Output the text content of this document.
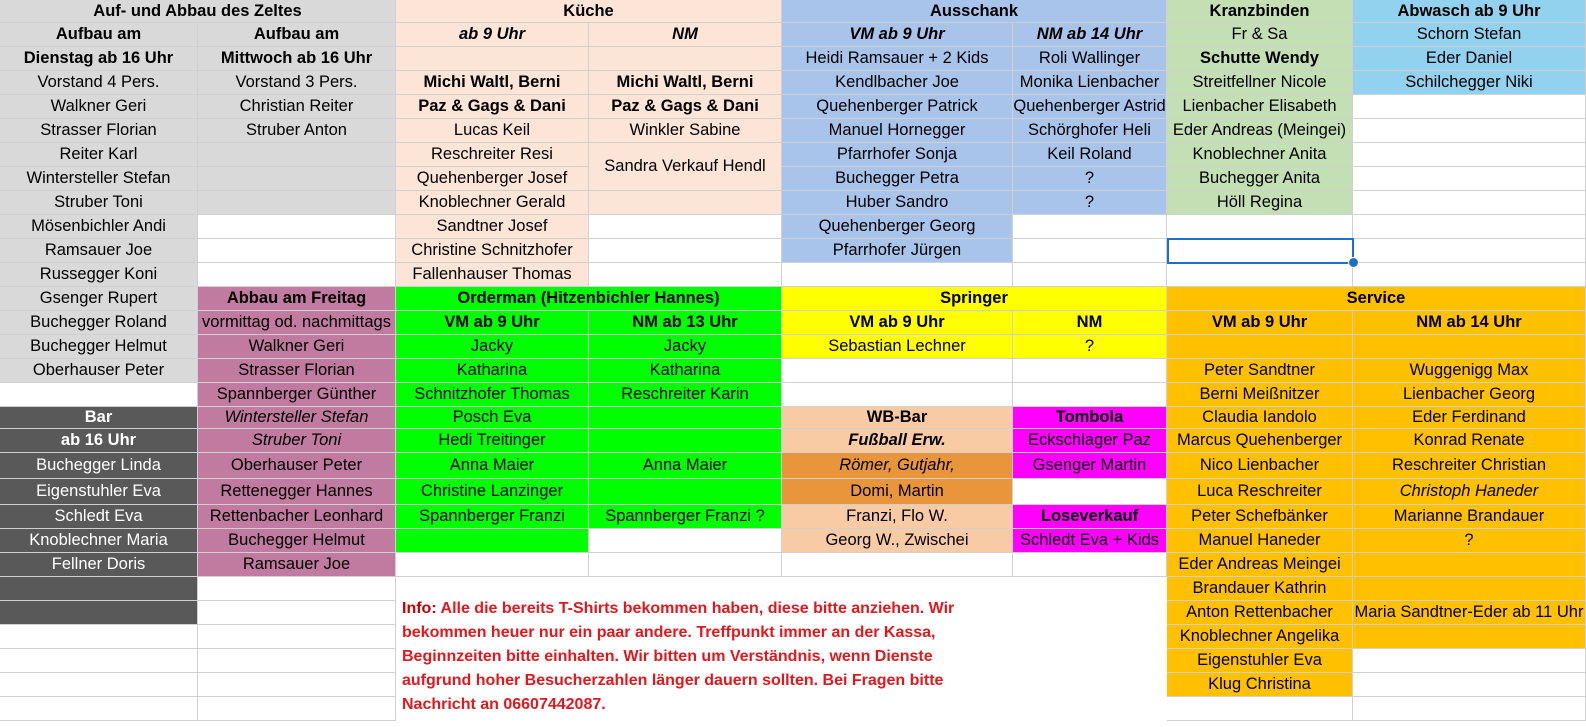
Auf- und Abbau des Zeltes
Aufbau am	Aufbau am
Dienstag ab 16 Uhr	Mittwoch ab 16 Uhr
Vorstand 4 Pers.	Vorstand 3 Pers.
Walkner Geri	Christian Reiter
Strasser Florian	Struber Anton
Reiter Karl
Wintersteller Stefan
Struber Toni
Mösenbichler Andi
Ramsauer Joe
Russegger Koni
Gsenger Rupert
Buchegger Roland
Buchegger Helmut
Oberhauser Peter
Bar
ab 16 Uhr
Buchegger Linda
Eigenstuhler Eva
Schledt Eva
Knoblechner Maria
Fellner Doris
Abbau am Freitag
vormittag od. nachmittags
Walkner Geri
Strasser Florian
Spannberger Günther
Wintersteller Stefan
Struber Toni
Oberhauser Peter
Rettenegger Hannes
Rettenbacher Leonhard
Buchegger Helmut
Ramsauer Joe
Küche
ab 9 Uhr	NM
Michi Waltl, Berni	Michi Waltl, Berni
Paz & Gags & Dani	Paz & Gags & Dani
Lucas Keil	Winkler Sabine
Reschreiter Resi
Sandra Verkauf Hendl
Quehenberger Josef
Knoblechner Gerald
Sandtner Josef
Christine Schnitzhofer
Fallenhauser Thomas
Ausschank
VM ab 9 Uhr	NM ab 14 Uhr
Heidi Ramsauer + 2 Kids	Roli Wallinger
Kendlbacher Joe	Monika Lienbacher
Quehenberger Patrick	Quehenberger Astrid
Manuel Hornegger	Schörghofer Heli
Pfarrhofer Sonja	Keil Roland
Buchegger Petra	?
Huber Sandro	?
Quehenberger Georg
Pfarrhofer Jürgen
Kranzbinden
Fr & Sa
Schutte Wendy
Streitfellner Nicole
Lienbacher Elisabeth
Eder Andreas (Meingei)
Knoblechner Anita
Buchegger Anita
Höll Regina
Abwasch ab 9 Uhr
Schorn Stefan
Eder Daniel
Schilchegger Niki
Orderman (Hitzenbichler Hannes)
VM ab 9 Uhr	NM ab 13 Uhr
Jacky	Jacky
Katharina	Katharina
Schnitzhofer Thomas	Reschreiter Karin
Posch Eva
Hedi Treitinger
Anna Maier	Anna Maier
Christine Lanzinger
Spannberger Franzi	Spannberger Franzi ?
Springer
VM ab 9 Uhr	NM
Sebastian Lechner	?
WB-Bar
Fußball Erw.
Römer, Gutjahr,
Domi, Martin
Franzi, Flo W.
Georg W., Zwischei
Tombola
Eckschlager Paz
Gsenger Martin
Loseverkauf
Schledt Eva + Kids
Service
VM ab 9 Uhr	NM ab 14 Uhr
Peter Sandtner	Wuggenigg Max
Berni Meißnitzer	Lienbacher Georg
Claudia Iandolo	Eder Ferdinand
Marcus Quehenberger	Konrad Renate
Nico Lienbacher	Reschreiter Christian
Luca Reschreiter	Christoph Haneder
Peter Schefbänker	Marianne Brandauer
Manuel Haneder	?
Eder Andreas Meingei
Brandauer Kathrin
Anton Rettenbacher	Maria Sandtner-Eder ab 11 Uhr
Knoblechner Angelika
Eigenstuhler Eva
Klug Christina
Info: Alle die bereits T-Shirts bekommen haben, diese bitte anziehen. Wir bekommen heuer nur ein paar andere. Treffpunkt immer an der Kassa, Beginnzeiten bitte einhalten. Wir bitten um Verständnis, wenn Dienste aufgrund hoher Besucherzahlen länger dauern sollten. Bei Fragen bitte Nachricht an 06607442087.
